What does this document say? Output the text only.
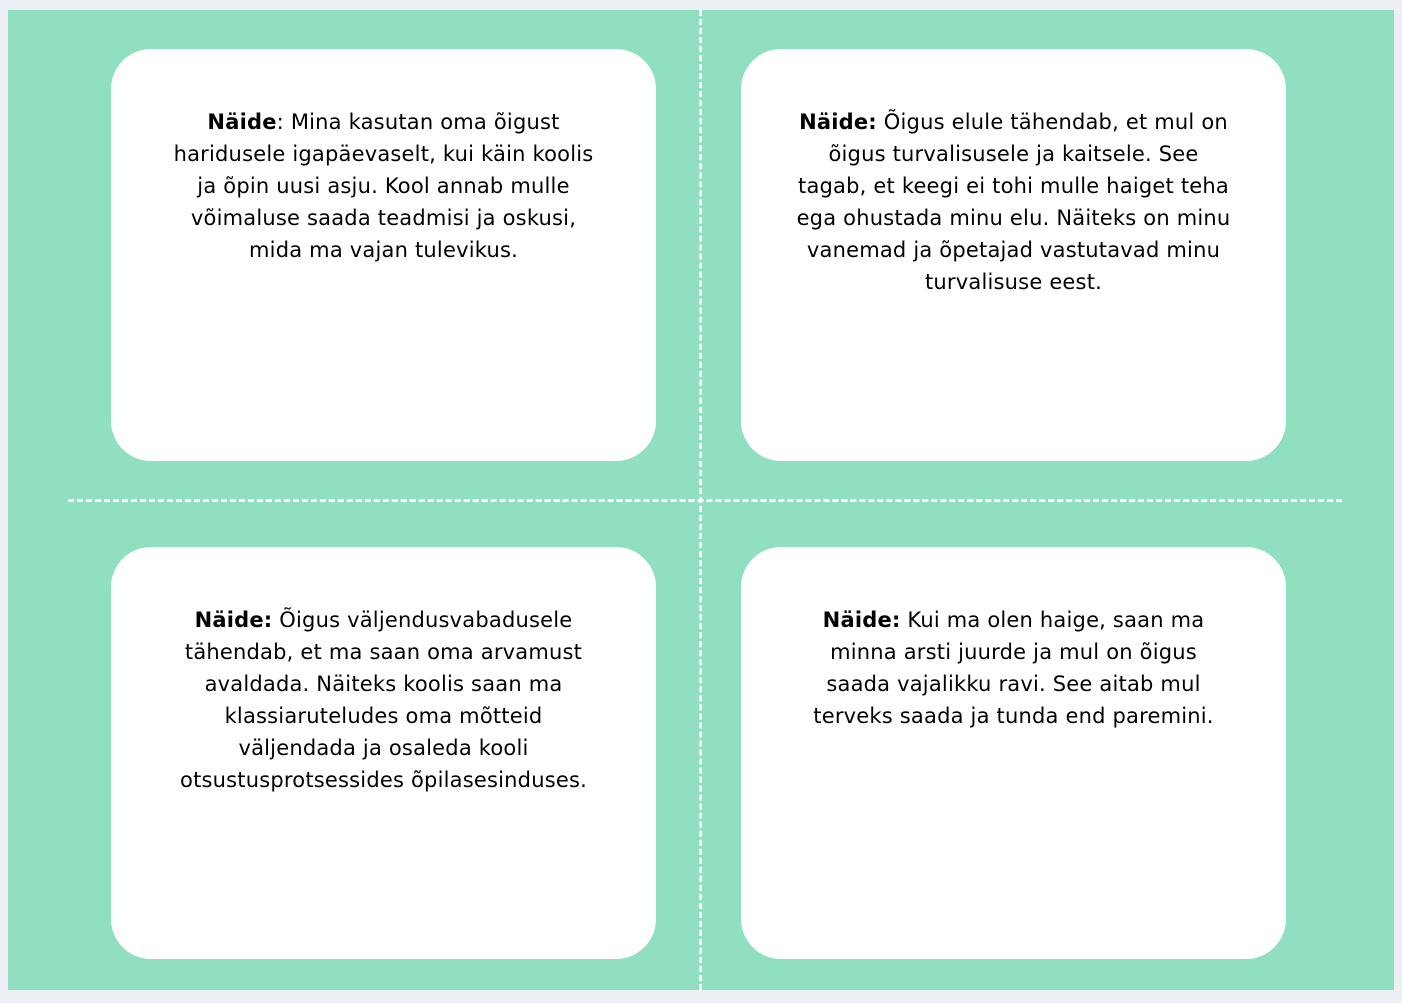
Näide: Mina kasutan oma õigust haridusele igapäevaselt, kui käin koolis ja õpin uusi asju. Kool annab mulle võimaluse saada teadmisi ja oskusi, mida ma vajan tulevikus.
Näide: Õigus elule tähendab, et mul on õigus turvalisusele ja kaitsele. See tagab, et keegi ei tohi mulle haiget teha ega ohustada minu elu. Näiteks on minu vanemad ja õpetajad vastutavad minu turvalisuse eest.
Näide: Õigus väljendusvabadusele tähendab, et ma saan oma arvamust avaldada. Näiteks koolis saan ma klassiaruteludes oma mõtteid väljendada ja osaleda kooli otsustusprotsessides õpilasesinduses.
Näide: Kui ma olen haige, saan ma minna arsti juurde ja mul on õigus saada vajalikku ravi. See aitab mul terveks saada ja tunda end paremini.
